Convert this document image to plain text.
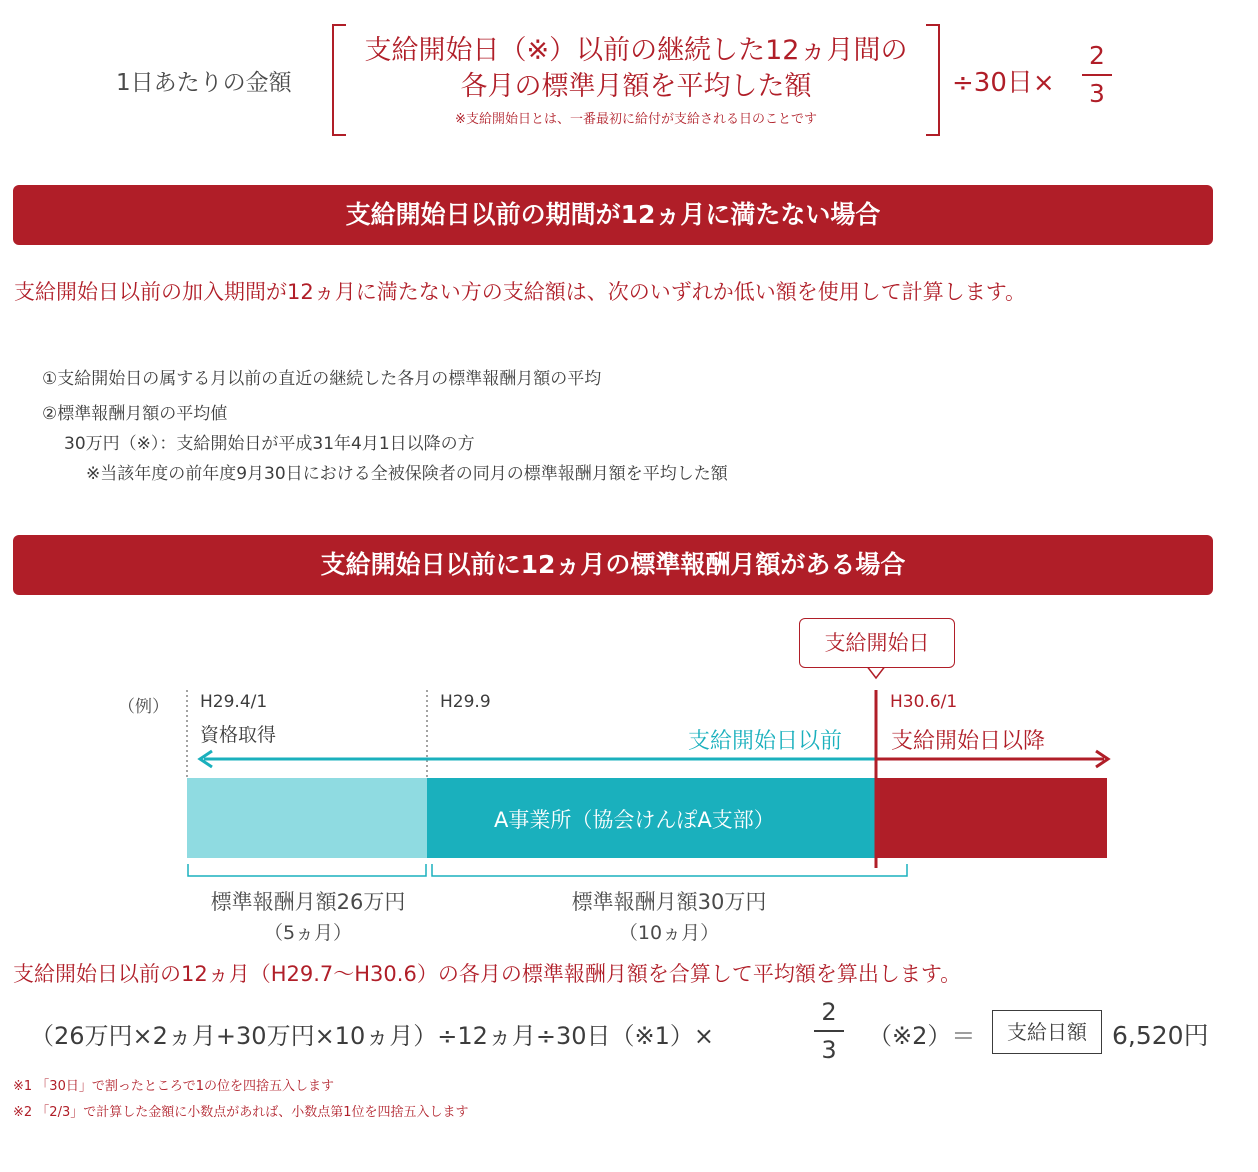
1日あたりの金額
支給開始日（※）以前の継続した12ヵ月間の
各月の標準月額を平均した額
※支給開始日とは、一番最初に給付が支給される日のことです
÷30日×
2
3
支給開始日以前の期間が12ヵ月に満たない場合
支給開始日以前の加入期間が12ヵ月に満たない方の支給額は、次のいずれか低い額を使用して計算します。
①支給開始日の属する月以前の直近の継続した各月の標準報酬月額の平均
②標準報酬月額の平均値
30万円（※）：支給開始日が平成31年4月1日以降の方
※当該年度の前年度9月30日における全被保険者の同月の標準報酬月額を平均した額
支給開始日以前に12ヵ月の標準報酬月額がある場合
支給開始日
（例） H29.4/1
資格取得
H29.9	H30.6/1
支給開始日以前 支給開始日以降
A事業所（協会けんぽA支部）
標準報酬月額26万円
（5ヵ月）
標準報酬月額30万円
（10ヵ月）
支給開始日以前の12ヵ月（H29.7〜H30.6）の各月の標準報酬月額を合算して平均額を算出します。
（26万円×2ヵ月+30万円×10ヵ月）÷12ヵ月÷30日（※1）×
2
3	（※2）＝	支給日額	6,520円
※1 「30日」で割ったところで1の位を四捨五入します
※2 「2/3」で計算した金額に小数点があれば、小数点第1位を四捨五入します
